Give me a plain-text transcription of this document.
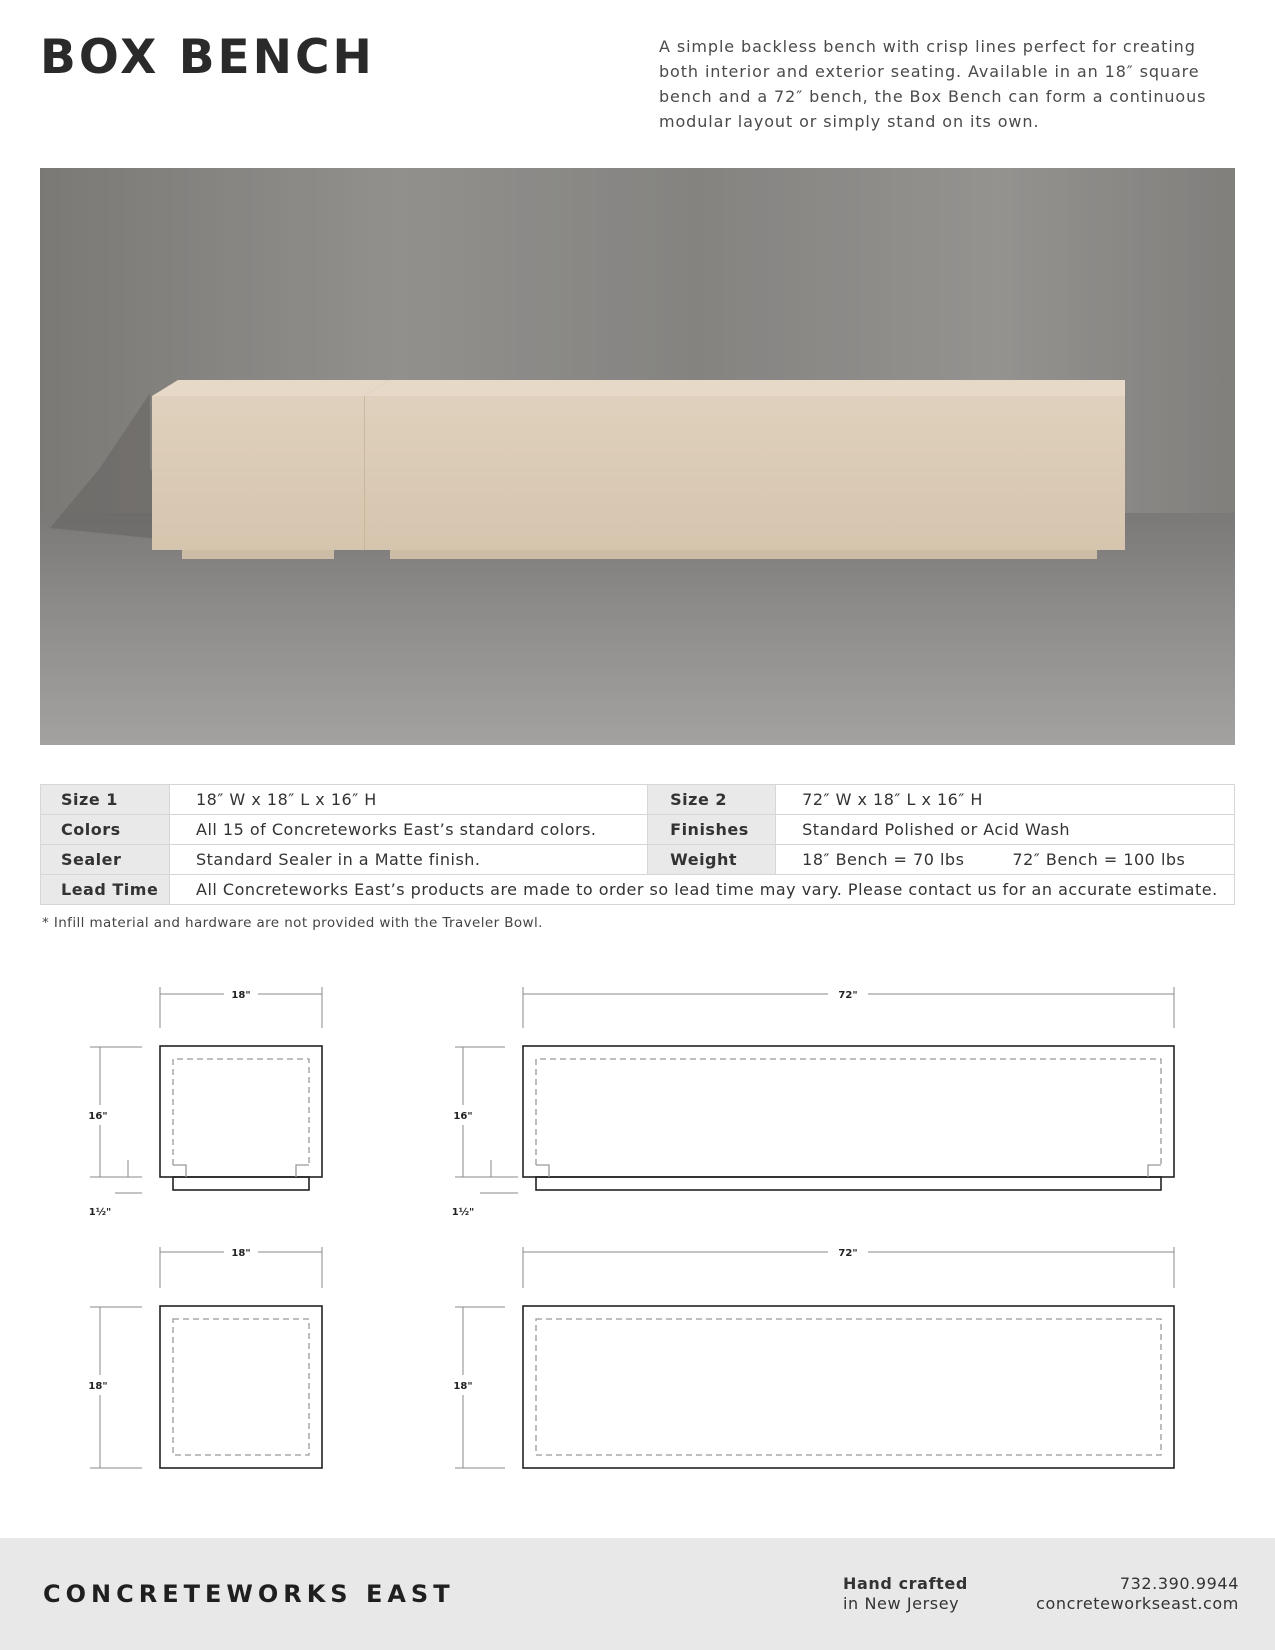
BOX BENCH	A simple backless bench with crisp lines perfect for creating both interior and exterior seating. Available in an 18″ square bench and a 72″ bench, the Box Bench can form a continuous modular layout or simply stand on its own.
Size 1	18″ W x 18″ L x 16″ H	Size 2	72″ W x 18″ L x 16″ H
Colors	All 15 of Concreteworks East’s standard colors.	Finishes	Standard Polished or Acid Wash
Sealer	Standard Sealer in a Matte finish.	Weight	18″ Bench = 70 lbs 72″ Bench = 100 lbs
Lead Time	All Concreteworks East’s products are made to order so lead time may vary. Please contact us for an accurate estimate.		
* Infill material and hardware are not provided with the Traveler Bowl.
18"	72"
16"	16"
1½"	1½"
18"	72"
18"	18"
CONCRETEWORKS EAST	Hand crafted
in New Jersey
732.390.9944
concreteworkseast.com
